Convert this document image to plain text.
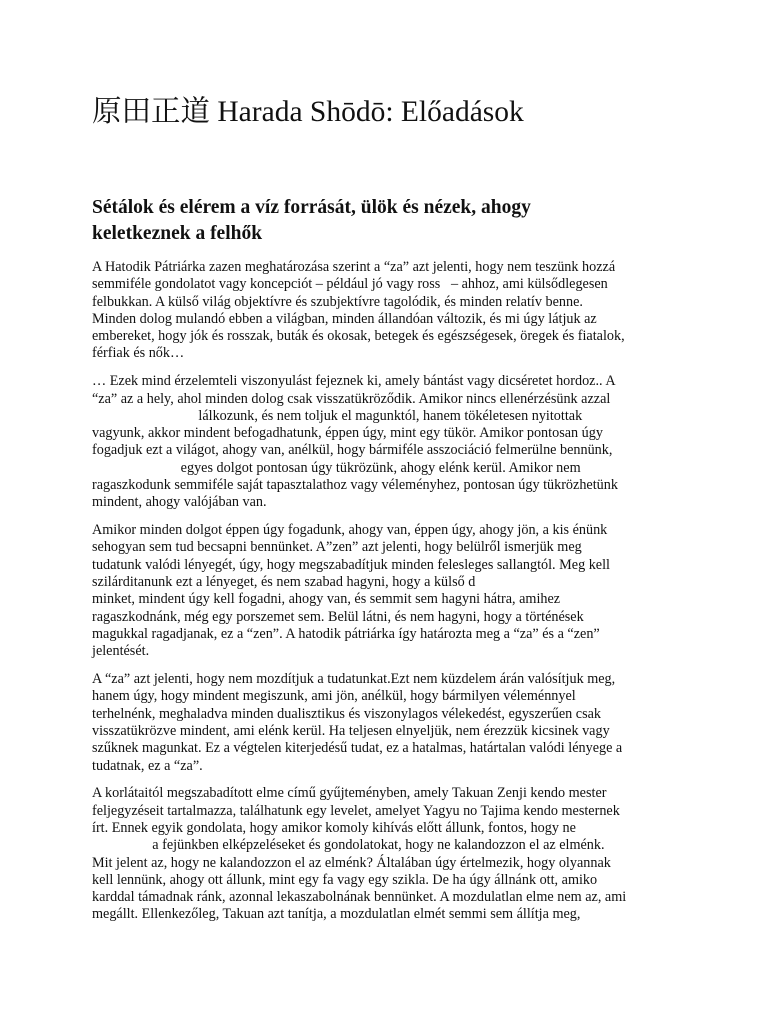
原田正道 Harada Shōdō: Előadások
Sétálok és elérem a víz forrását, ülök és nézek, ahogy
keletkeznek a felhők

A Hatodik Pátriárka zazen meghatározása szerint a “za” azt jelenti, hogy nem teszünk hozzá
semmiféle gondolatot vagy koncepciót – például jó vagy ross   – ahhoz, ami külsődlegesen
felbukkan. A külső világ objektívre és szubjektívre tagolódik, és minden relatív benne.
Minden dolog mulandó ebben a világban, minden állandóan változik, és mi úgy látjuk az
embereket, hogy jók és rosszak, buták és okosak, betegek és egészségesek, öregek és fiatalok,
férfiak és nők…

… Ezek mind érzelemteli viszonyulást fejeznek ki, amely bántást vagy dicséretet hordoz.. A
“za” az a hely, ahol minden dolog csak visszatükröződik. Amikor nincs ellenérzésünk azzal
lálkozunk, és nem toljuk el magunktól, hanem tökéletesen nyitottak
vagyunk, akkor mindent befogadhatunk, éppen úgy, mint egy tükör. Amikor pontosan úgy
fogadjuk ezt a világot, ahogy van, anélkül, hogy bármiféle asszociáció felmerülne bennünk,
egyes dolgot pontosan úgy tükrözünk, ahogy elénk kerül. Amikor nem
ragaszkodunk semmiféle saját tapasztalathoz vagy véleményhez, pontosan úgy tükrözhetünk
mindent, ahogy valójában van.

Amikor minden dolgot éppen úgy fogadunk, ahogy van, éppen úgy, ahogy jön, a kis énünk
sehogyan sem tud becsapni bennünket. A”zen” azt jelenti, hogy belülről ismerjük meg
tudatunk valódi lényegét, úgy, hogy megszabadítjuk minden felesleges sallangtól. Meg kell
szilárditanunk ezt a lényeget, és nem szabad hagyni, hogy a külső d
minket, mindent úgy kell fogadni, ahogy van, és semmit sem hagyni hátra, amihez
ragaszkodnánk, még egy porszemet sem. Belül látni, és nem hagyni, hogy a történések
magukkal ragadjanak, ez a “zen”. A hatodik pátriárka így határozta meg a “za” és a “zen”
jelentését.

A “za” azt jelenti, hogy nem mozdítjuk a tudatunkat.Ezt nem küzdelem árán valósítjuk meg,
hanem úgy, hogy mindent megiszunk, ami jön, anélkül, hogy bármilyen véleménnyel
terhelnénk, meghaladva minden dualisztikus és viszonylagos vélekedést, egyszerűen csak
visszatükrözve mindent, ami elénk kerül. Ha teljesen elnyeljük, nem érezzük kicsinek vagy
szűknek magunkat. Ez a végtelen kiterjedésű tudat, ez a hatalmas, határtalan valódi lényege a
tudatnak, ez a “za”.

A korlátaitól megszabadított elme című gyűjteményben, amely Takuan Zenji kendo mester
feljegyzéseit tartalmazza, találhatunk egy levelet, amelyet Yagyu no Tajima kendo mesternek
írt. Ennek egyik gondolata, hogy amikor komoly kihívás előtt állunk, fontos, hogy ne
a fejünkben elképzeléseket és gondolatokat, hogy ne kalandozzon el az elménk.
Mit jelent az, hogy ne kalandozzon el az elménk? Általában úgy értelmezik, hogy olyannak
kell lennünk, ahogy ott állunk, mint egy fa vagy egy szikla. De ha úgy állnánk ott, amiko
karddal támadnak ránk, azonnal lekaszabolnának bennünket. A mozdulatlan elme nem az, ami
megállt. Ellenkezőleg, Takuan azt tanítja, a mozdulatlan elmét semmi sem állítja meg,
